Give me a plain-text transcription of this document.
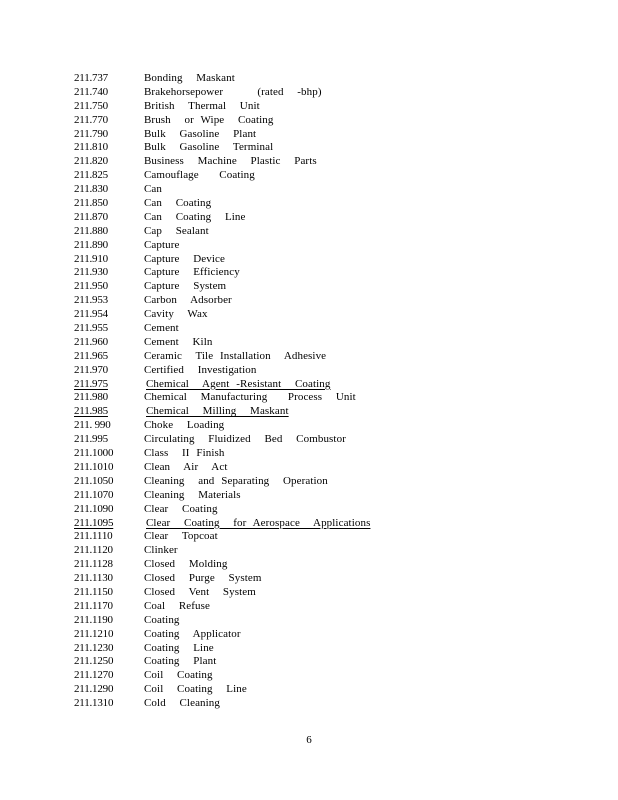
211.737	Bonding  Maskant
211.740	Brakehorsepower     (rated  -bhp)
211.750	British  Thermal  Unit
211.770	Brush  or Wipe  Coating
211.790	Bulk  Gasoline  Plant
211.810	Bulk  Gasoline  Terminal
211.820	Business  Machine  Plastic  Parts
211.825	Camouflage   Coating
211.830	Can
211.850	Can  Coating
211.870	Can  Coating  Line
211.880	Cap  Sealant
211.890	Capture
211.910	Capture  Device
211.930	Capture  Efficiency
211.950	Capture  System
211.953	Carbon  Adsorber
211.954	Cavity  Wax
211.955	Cement
211.960	Cement  Kiln
211.965	Ceramic  Tile Installation  Adhesive
211.970	Certified  Investigation
211.975	Chemical  Agent -Resistant  Coating
211.980	Chemical  Manufacturing   Process  Unit
211.985	Chemical  Milling  Maskant
211. 990	Choke  Loading
211.995	Circulating  Fluidized  Bed  Combustor
211.1000	Class  II Finish
211.1010	Clean  Air  Act
211.1050	Cleaning  and Separating  Operation
211.1070	Cleaning  Materials
211.1090	Clear  Coating
211.1095	Clear  Coating  for Aerospace  Applications
211.1110	Clear  Topcoat
211.1120	Clinker
211.1128	Closed  Molding
211.1130	Closed  Purge  System
211.1150	Closed  Vent  System
211.1170	Coal  Refuse
211.1190	Coating
211.1210	Coating  Applicator
211.1230	Coating  Line
211.1250	Coating  Plant
211.1270	Coil  Coating
211.1290	Coil  Coating  Line
211.1310	Cold  Cleaning
6
